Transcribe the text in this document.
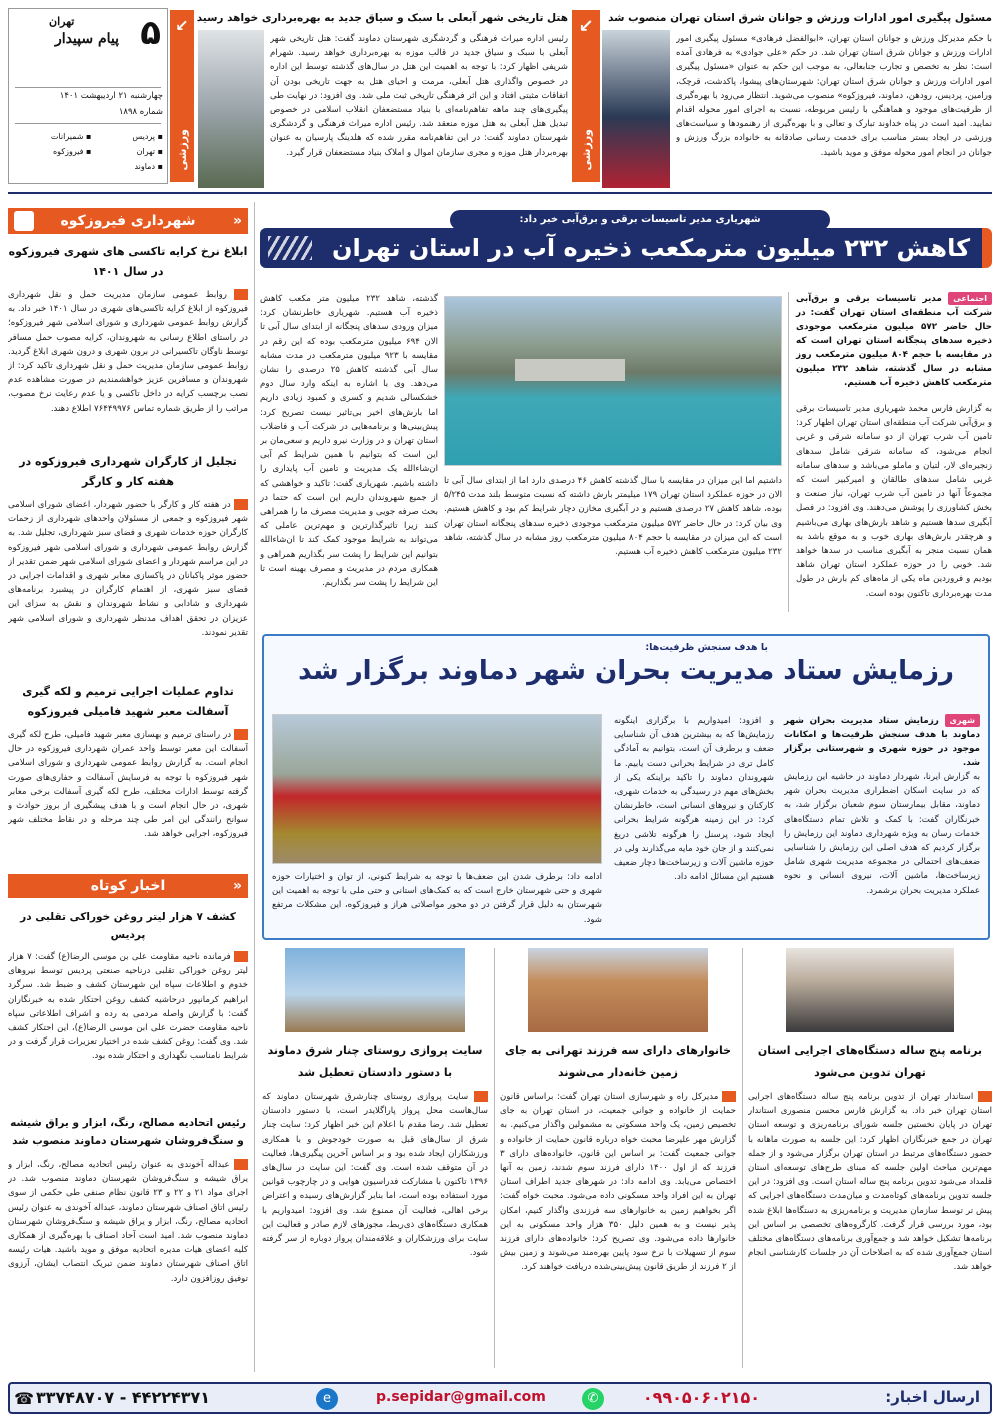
۵
تهران
پیام سپیدار
چهارشنبه ۲۱ اردیبهشت ۱۴۰۱
شماره ۱۸۹۸
▪ پردیس ▪ شمیرانات ▪ تهران ▪ فیروزکوه ▪ دماوند
↙
ورزشی
↙
ورزشی
مسئول پیگیری امور ادارات ورزش و جوانان شرق استان تهران منصوب شد
با حکم مدیرکل ورزش و جوانان استان تهران، «ابوالفضل فرهادی» مسئول پیگیری امور ادارات ورزش و جوانان شرق استان تهران شد. در حکم «علی جوادی» به فرهادی آمده است: نظر به تخصص و تجارب جنابعالی، به موجب این حکم به عنوان «مسئول پیگیری امور ادارات ورزش و جوانان شرق استان تهران: شهرستان‌های پیشوا، پاکدشت، قرچک، ورامین، پردیس، رودهن، دماوند، فیروزکوه» منصوب می‌شوید. انتظار می‌رود با بهره‌گیری از ظرفیت‌های موجود و هماهنگی با رئیس مربوطه، نسبت به اجرای امور محوله اقدام نمایید. امید است در پناه خداوند تبارک و تعالی و با بهره‌گیری از رهنمودها و سیاست‌های ورزشی در ایجاد بستر مناسب برای خدمت رسانی صادقانه به خانواده بزرگ ورزش و جوانان در انجام امور محوله موفق و موید باشید.
هتل تاریخی شهر آبعلی با سبک و سیاق جدید به بهره‌برداری خواهد رسید
رئیس اداره میراث فرهنگی و گردشگری شهرستان دماوند گفت: هتل تاریخی شهر آبعلی با سبک و سیاق جدید در قالب موزه به بهره‌برداری خواهد رسید. شهرام شریفی اظهار کرد: با توجه به اهمیت این هتل در سال‌های گذشته توسط این اداره در خصوص واگذاری هتل آبعلی، مرمت و احیای هتل به جهت تاریخی بودن آن اتفاقات مثبتی افتاد و این اثر فرهنگی تاریخی ثبت ملی شد. وی افزود: در نهایت طی پیگیری‌های چند ماهه تفاهم‌نامه‌ای با بنیاد مستضعفان انقلاب اسلامی در خصوص تبدیل هتل آبعلی به هتل موزه منعقد شد. رئیس اداره میراث فرهنگی و گردشگری شهرستان دماوند گفت: در این تفاهم‌نامه مقرر شده که هلدینگ پارسیان به عنوان بهره‌بردار هتل موزه و مجری سازمان اموال و املاک بنیاد مستضعفان قرار گیرد.
«
شهرداری فیروزکوه
ابلاغ نرخ کرایه تاکسی های شهری فیروزکوه در سال ۱۴۰۱
روابط عمومی سازمان مدیریت حمل و نقل شهرداری فیروزکوه از ابلاغ کرایه تاکسی‌های شهری در سال ۱۴۰۱ خبر داد. به گزارش روابط عمومی شهرداری و شورای اسلامی شهر فیروزکوه؛ در راستای اطلاع رسانی به شهروندان، کرایه مصوب حمل مسافر توسط ناوگان تاکسیرانی در برون شهری و درون شهری ابلاغ گردید. روابط عمومی سازمان مدیریت حمل و نقل شهرداری تاکید کرد: از شهروندان و مسافرین عزیز خواهشمندیم در صورت مشاهده عدم نصب برچسب کرایه در داخل تاکسی و یا عدم رعایت نرخ مصوب، مراتب را از طریق شماره تماس ۷۶۴۴۹۹۷۶ اطلاع دهند.
تجلیل از کارگران شهرداری فیروزکوه در هفته کار و کارگر
در هفته کار و کارگر با حضور شهردار، اعضای شورای اسلامی شهر فیروزکوه و جمعی از مسئولان واحدهای شهرداری از زحمات کارگران حوزه خدمات شهری و فضای سبز شهرداری، تجلیل شد. به گزارش روابط عمومی شهرداری و شورای اسلامی شهر فیروزکوه در این مراسم شهردار و اعضای شورای اسلامی شهر ضمن تقدیر از حضور موثر پاکبانان در پاکسازی معابر شهری و اقدامات اجرایی در فضای سبز شهری، از اهتمام کارگران در پیشبرد برنامه‌های شهرداری و شادابی و نشاط شهروندان و نقش به سزای این عزیزان در تحقق اهداف مدنظر شهرداری و شورای اسلامی شهر تقدیر نمودند.
تداوم عملیات اجرایی ترمیم و لکه گیری آسفالت معبر شهید فامیلی فیروزکوه
در راستای ترمیم و بهسازی معبر شهید فامیلی، طرح لکه گیری آسفالت این معبر توسط واحد عمران شهرداری فیروزکوه در حال انجام است. به گزارش روابط عمومی شهرداری و شورای اسلامی شهر فیروزکوه با توجه به فرسایش آسفالت و حفاری‌های صورت گرفته توسط ادارات مختلف، طرح لکه گیری آسفالت برخی معابر شهری، در حال انجام است و با هدف پیشگیری از بروز حوادث و سوانح رانندگی این امر طی چند مرحله و در نقاط مختلف شهر فیروزکوه، اجرایی خواهد شد.
«
اخبار کوتاه
کشف ۷ هزار لیتر روغن خوراکی تقلبی در پردیس
فرمانده ناحیه مقاومت علی بن موسی الرضا(ع) گفت: ۷ هزار لیتر روغن خوراکی تقلبی درناحیه صنعتی پردیس توسط نیروهای خدوم و اطلاعات سپاه این شهرستان کشف و ضبط شد. سرگرد ابراهیم کرمانپور درحاشیه کشف روغن احتکار شده به خبرنگاران گفت: با گزارش واصله مردمی به رده و اشراف اطلاعاتی سپاه ناحیه مقاومت حضرت علی ابن موسی الرضا(ع)، این احتکار کشف شد. وی گفت: روغن کشف شده در اختیار تعزیرات قرار گرفت و در شرایط نامناسب نگهداری و احتکار شده بود.
رئیس اتحادیه مصالح، رنگ، ابزار و یراق شیشه و سنگ‌فروشان شهرستان دماوند منصوب شد
عبداله آخوندی به عنوان رئیس اتحادیه مصالح، رنگ، ابزار و یراق شیشه و سنگ‌فروشان شهرستان دماوند منصوب شد. در اجرای مواد ۲۱ و ۲۲ و ۲۳ قانون نظام صنفی طی حکمی از سوی رئیس اتاق اصناف شهرستان دماوند، عبداله آخوندی به عنوان رئیس اتحادیه مصالح، رنگ، ابزار و یراق شیشه و سنگ‌فروشان شهرستان دماوند منصوب شد. امید است آحاد اصناف با بهره‌گیری از همکاری کلیه اعضای هیات مدیره اتحادیه موفق و موید باشید. هیات رئیسه اتاق اصناف شهرستان دماوند ضمن تبریک انتصاب ایشان، آرزوی توفیق روزافزون دارد.
شهریاری مدیر تاسیسات برقی و برق‌آبی خبر داد:
کاهش ۲۳۲ میلیون مترمکعب ذخیره آب در استان تهران
اجتماعی مدیر تاسیسات برقی و برق‌آبی شرکت آب منطقه‌ای استان تهران گفت: در حال حاضر ۵۷۲ میلیون مترمکعب موجودی ذخیره سدهای پنجگانه استان تهران است که در مقایسه با حجم ۸۰۴ میلیون مترمکعب روز مشابه در سال گذشته، شاهد ۲۳۲ میلیون مترمکعب کاهش ذخیره آب هستیم.
به گزارش فارس محمد شهریاری مدیر تاسیسات برقی و برق‌آبی شرکت آب منطقه‌ای استان تهران اظهار کرد: تامین آب شرب تهران از دو سامانه شرقی و غربی انجام می‌شود، که سامانه شرقی شامل سدهای زنجیره‌ای لار، لتیان و ماملو می‌باشد و سدهای سامانه غربی شامل سدهای طالقان و امیرکبیر است که مجموعاً آنها در تامین آب شرب تهران، نیاز صنعت و بخش کشاورزی را پوشش می‌دهند. وی افزود: در فصل آبگیری سدها هستیم و شاهد بارش‌های بهاری می‌باشیم و هرچقدر بارش‌های بهاری خوب و به موقع باشد به همان نسبت منجر به آبگیری مناسب در سدها خواهد شد. خوبی را در حوزه عملکرد استان تهران شاهد بودیم و فروردین ماه یکی از ماه‌های کم بارش در طول مدت بهره‌برداری تاکنون بوده است.
داشتیم اما این میزان در مقایسه با سال گذشته کاهش ۴۶ درصدی دارد اما از ابتدای سال آبی تا الان در حوزه عملکرد استان تهران ۱۷۹ میلیمتر بارش داشته که نسبت متوسط بلند مدت ۵/۲۴۵ بوده، شاهد کاهش ۲۷ درصدی هستیم و در آبگیری مخازن دچار شرایط کم بود و کاهش هستیم. وی بیان کرد: در حال حاضر ۵۷۲ میلیون مترمکعب موجودی ذخیره سدهای پنجگانه استان تهران است که این میزان در مقایسه با حجم ۸۰۴ میلیون مترمکعب روز مشابه در سال گذشته، شاهد ۲۳۲ میلیون مترمکعب کاهش ذخیره آب هستیم.
گذشته، شاهد ۲۳۲ میلیون متر مکعب کاهش ذخیره آب هستیم. شهریاری خاطرنشان کرد: میزان ورودی سدهای پنجگانه از ابتدای سال آبی تا الان ۶۹۴ میلیون مترمکعب بوده که این رقم در مقایسه با ۹۲۳ میلیون مترمکعب در مدت مشابه سال آبی گذشته کاهش ۲۵ درصدی را نشان می‌دهد. وی با اشاره به اینکه وارد سال دوم خشکسالی شدیم و کسری و کمبود زیادی داریم اما بارش‌های اخیر بی‌تاثیر نیست تصریح کرد: پیش‌بینی‌ها و برنامه‌هایی در شرکت آب و فاضلاب استان تهران و در وزارت نیرو داریم و سعی‌مان بر این است که بتوانیم با همین شرایط کم آبی ان‌شاءالله یک مدیریت و تامین آب پایداری را داشته باشیم. شهریاری گفت: تاکید و خواهشی که از جمیع شهروندان داریم این است که حتما در بحث صرفه جویی و مدیریت مصرف ما را همراهی کنند زیرا تاثیرگذارترین و مهم‌ترین عاملی که می‌تواند به شرایط موجود کمک کند تا ان‌شاءالله بتوانیم این شرایط را پشت سر بگذاریم همراهی و همکاری مردم در مدیریت و مصرف بهینه است تا این شرایط را پشت سر بگذاریم.
با هدف سنجش ظرفیت‌ها:
رزمایش ستاد مدیریت بحران شهر دماوند برگزار شد
شهری رزمایش ستاد مدیریت بحران شهر دماوند با هدف سنجش ظرفیت‌ها و امکانات موجود در حوزه شهری و شهرستانی برگزار شد.
به گزارش ایرنا، شهردار دماوند در حاشیه این رزمایش که در سایت اسکان اضطراری مدیریت بحران شهر دماوند، مقابل بیمارستان سوم شعبان برگزار شد، به خبرنگاران گفت: با کمک و تلاش تمام دستگاه‌های خدمات رسان به ویژه شهرداری دماوند این رزمایش را برگزار کردیم که هدف اصلی این رزمایش را شناسایی ضعف‌های احتمالی در مجموعه مدیریت شهری شامل زیرساخت‌ها، ماشین آلات، نیروی انسانی و نحوه عملکرد مدیریت بحران برشمرد.
و افزود: امیدواریم با برگزاری اینگونه رزمایش‌ها که به بیشترین هدف آن شناسایی ضعف و برطرف آن است، بتوانیم به آمادگی کامل تری در شرایط بحرانی دست یابیم. ما شهروندان دماوند را تاکید براینکه یکی از بخش‌های مهم در رسیدگی به خدمات شهری، کارکنان و نیروهای انسانی است، خاطرنشان کرد: در این زمینه هرگونه شرایط بحرانی ایجاد شود، پرسنل را هرگونه تلاشی دریغ نمی‌کنند و از جان خود مایه می‌گذارند ولی در حوزه ماشین آلات و زیرساخت‌ها دچار ضعیف هستیم این مسائل ادامه داد.
ادامه داد: برطرف شدن این ضعف‌ها با توجه به شرایط کنونی، از توان و اختیارات حوزه شهری و حتی شهرستان خارج است که به کمک‌های استانی و حتی ملی با توجه به اهمیت این شهرستان به دلیل قرار گرفتن در دو محور مواصلاتی هراز و فیروزکوه، این مشکلات مرتفع شود.
برنامه پنج ساله دستگاه‌های اجرایی استان تهران تدوین می‌شود
استاندار تهران از تدوین برنامه پنج ساله دستگاه‌های اجرایی استان تهران خبر داد. به گزارش فارس محسن منصوری استاندار تهران در پایان نخستین جلسه شورای برنامه‌ریزی و توسعه استان تهران در جمع خبرنگاران اظهار کرد: این جلسه به صورت ماهانه با حضور دستگاه‌های مرتبط در استان تهران برگزار می‌شود و از جمله مهم‌ترین مباحث اولین جلسه که مبنای طرح‌های توسعه‌ای استان قلمداد می‌شود تدوین برنامه پنج ساله استان است. وی افزود: در این جلسه تدوین برنامه‌های کوتاه‌مدت و میان‌مدت دستگاه‌های اجرایی که پیش تر توسط سازمان مدیریت و برنامه‌ریزی به دستگاه‌ها ابلاغ شده بود، مورد بررسی قرار گرفت. کارگروه‌های تخصصی بر اساس این برنامه‌ها تشکیل خواهد شد و جمع‌آوری برنامه‌های دستگاه‌های مختلف استان جمع‌آوری شده که به اصلاحات آن در جلسات کارشناسی انجام خواهد شد.
خانوارهای دارای سه فرزند تهرانی به جای زمین خانه‌دار می‌شوند
مدیرکل راه و شهرسازی استان تهران گفت: براساس قانون حمایت از خانواده و جوانی جمعیت، در استان تهران به جای تخصیص زمین، یک واحد مسکونی به مشمولین واگذار می‌کنیم. به گزارش مهر علیرضا محبت خواه درباره قانون حمایت از خانواده و جوانی جمعیت گفت: بر اساس این قانون، خانواده‌های دارای ۳ فرزند که از اول ۱۴۰۰ دارای فرزند سوم شدند، زمین به آنها اختصاص می‌یابد. وی ادامه داد: در شهرهای جدید اطراف استان تهران به این افراد واحد مسکونی داده می‌شود. محبت خواه گفت: اگر بخواهیم زمین به خانوارهای سه فرزندی واگذار کنیم، امکان پذیر نیست و به همین دلیل ۳۵۰ هزار واحد مسکونی به این خانوارها داده می‌شود. وی تصریح کرد: خانواده‌های دارای فرزند سوم از تسهیلات با نرخ سود پایین بهره‌مند می‌شوند و زمین بیش از ۲ فرزند از طریق قانون پیش‌بینی‌شده دریافت خواهند کرد.
سایت پروازی روستای چنار شرق دماوند با دستور دادستان تعطیل شد
سایت پروازی روستای چنارشرق شهرستان دماوند که سال‌هاست محل پرواز پاراگلایدر است، با دستور دادستان تعطیل شد. رضا مقدم با اعلام این خبر اظهار کرد: سایت چنار شرق از سال‌های قبل به صورت خودجوش و با همکاری ورزشکاران ایجاد شده بود و بر اساس آخرین پیگیری‌ها، فعالیت در آن متوقف شده است. وی گفت: این سایت در سال‌های ۱۳۹۶ تاکنون با مشارکت فدراسیون هوایی و در چارچوب قوانین مورد استفاده بوده است، اما بنابر گزارش‌های رسیده و اعتراض برخی اهالی، فعالیت آن ممنوع شد. وی افزود: امیدواریم با همکاری دستگاه‌های ذی‌ربط، مجوزهای لازم صادر و فعالیت این سایت برای ورزشکاران و علاقه‌مندان پرواز دوباره از سر گرفته شود.
ارسال اخبار:
۰۹۹۰۵۰۶۰۲۱۵۰
✆
p.sepidar@gmail.com
e
۴۴۲۲۴۳۷۱ - ۳۳۷۴۸۷۰۷
☎
